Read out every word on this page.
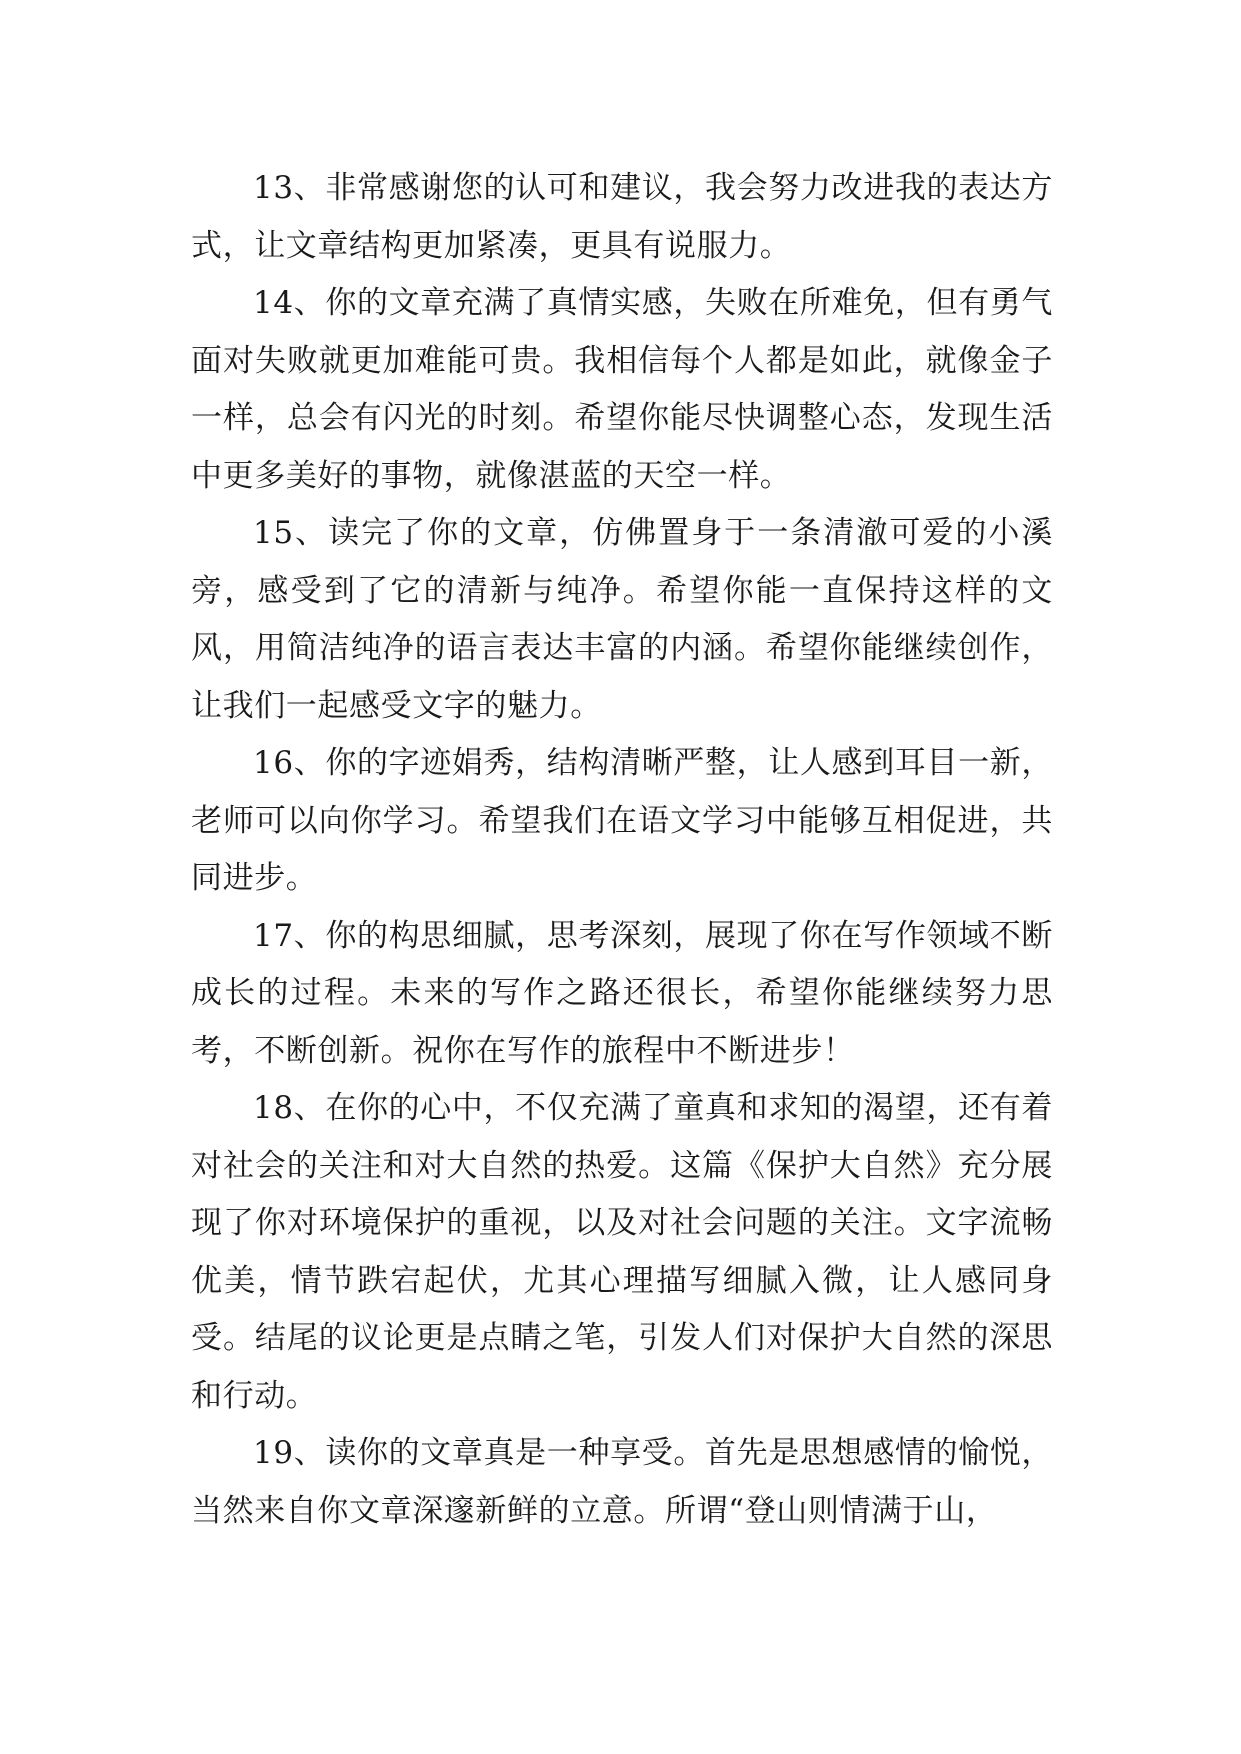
13、非常感谢您的认可和建议，我会努力改进我的表达方式，让文章结构更加紧凑，更具有说服力。

14、你的文章充满了真情实感，失败在所难免，但有勇气面对失败就更加难能可贵。我相信每个人都是如此，就像金子一样，总会有闪光的时刻。希望你能尽快调整心态，发现生活中更多美好的事物，就像湛蓝的天空一样。

15、读完了你的文章，仿佛置身于一条清澈可爱的小溪旁，感受到了它的清新与纯净。希望你能一直保持这样的文风，用简洁纯净的语言表达丰富的内涵。希望你能继续创作，让我们一起感受文字的魅力。

16、你的字迹娟秀，结构清晰严整，让人感到耳目一新，老师可以向你学习。希望我们在语文学习中能够互相促进，共同进步。

17、你的构思细腻，思考深刻，展现了你在写作领域不断成长的过程。未来的写作之路还很长，希望你能继续努力思考，不断创新。祝你在写作的旅程中不断进步！

18、在你的心中，不仅充满了童真和求知的渴望，还有着对社会的关注和对大自然的热爱。这篇《保护大自然》充分展现了你对环境保护的重视，以及对社会问题的关注。文字流畅优美，情节跌宕起伏，尤其心理描写细腻入微，让人感同身受。结尾的议论更是点睛之笔，引发人们对保护大自然的深思和行动。

19、读你的文章真是一种享受。首先是思想感情的愉悦，当然来自你文章深邃新鲜的立意。所谓“登山则情满于山，
